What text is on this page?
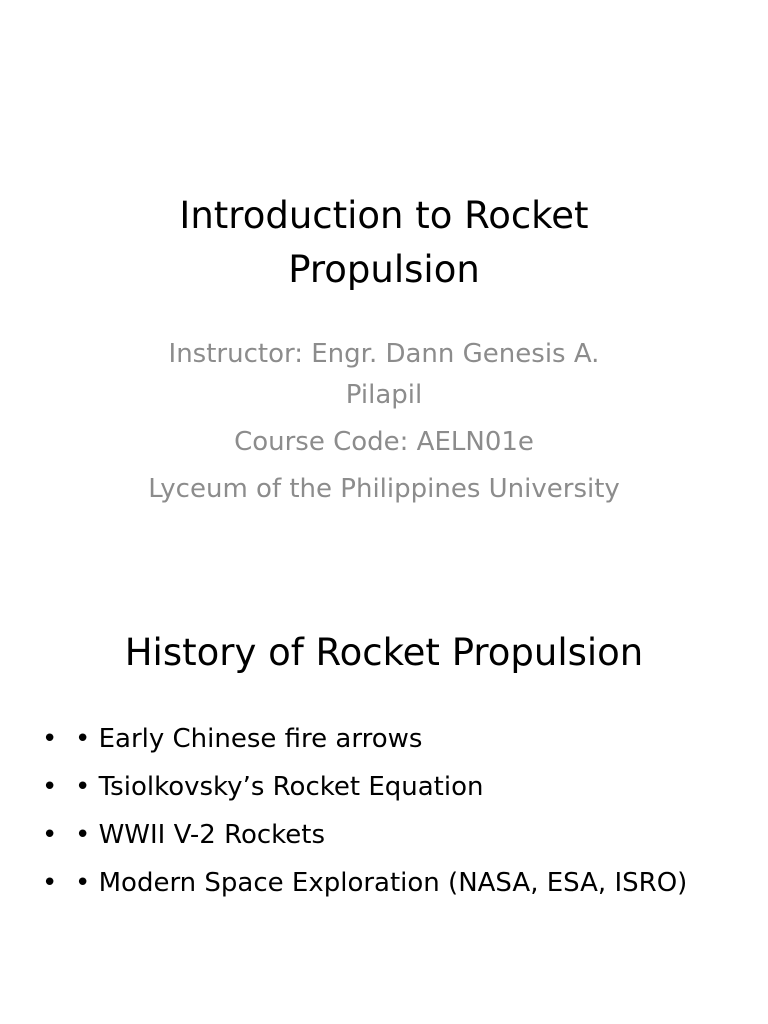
Introduction to Rocket
Propulsion
Instructor: Engr. Dann Genesis A.
Pilapil
Course Code: AELN01e
Lyceum of the Philippines University
History of Rocket Propulsion
• • Early Chinese fire arrows
• • Tsiolkovsky’s Rocket Equation
• • WWII V-2 Rockets
• • Modern Space Exploration (NASA, ESA, ISRO)
